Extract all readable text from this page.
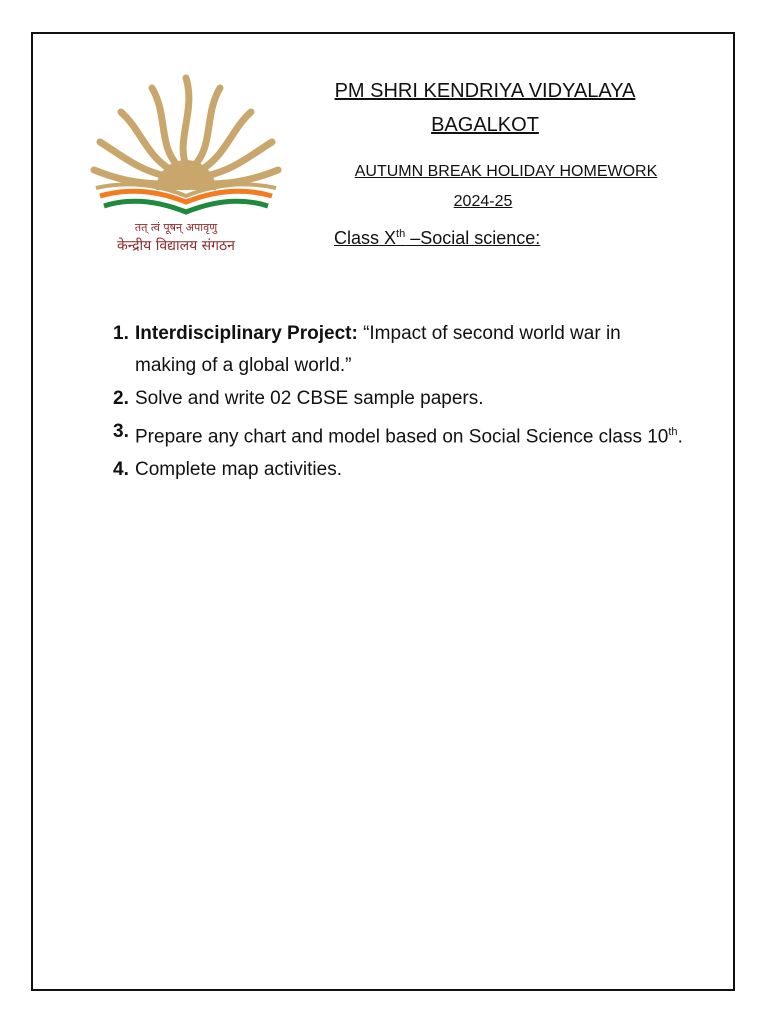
तत् त्वं पूषन् अपावृणु
केन्द्रीय विद्यालय संगठन
PM SHRI KENDRIYA VIDYALAYA
BAGALKOT
AUTUMN BREAK HOLIDAY HOMEWORK
2024-25
Class Xth –Social science:
1. Interdisciplinary Project: “Impact of second world war in making of a global world.”
2. Solve and write 02 CBSE sample papers.
3. Prepare any chart and model based on Social Science class 10th.
4. Complete map activities.
